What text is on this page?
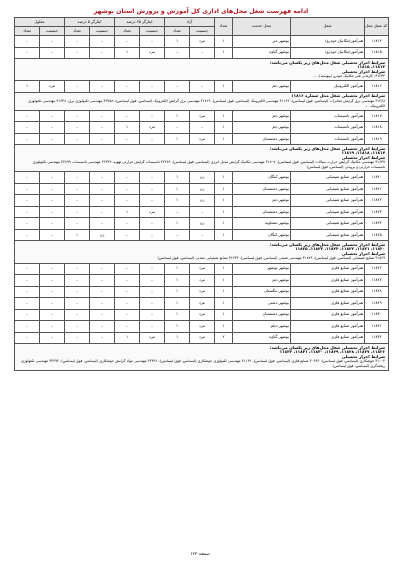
ادامه فهرست شغل محل‌های اداری کل آموزش و پرورش استان بوشهر
کد شغل محل	شغل	محل خدمت	تعداد	آزاد		ایثارگر ۲۵ درصد		ایثارگر ۵ درصد		معلول	
				جنسیت	تعداد	جنسیت	تعداد	جنسیت	تعداد	جنسیت	تعداد
۱۱۸۱۴	هنرآموز(مکانیک خودرو)	بوشهر-دیر	۱	مرد	۱	–	–	–	–	–	–
۱۱۸۱۵	هنرآموز(مکانیک خودرو)	بوشهر-گناوه	۱	–	–	مرد	۱	–	–	–	–

شرایط احراز تحصیلی شغل محل‌های زیر یکسان می‌باشد:
۱۱۸۱۴، ۱۱۸۱۵
شرایط احراز تحصیلی
۳۱۲۳۴- کاردانی فنی مکانیک خودرو (پیوسته)، ...											

۱۱۸۱۶	هنرآموز الکترونیک	بوشهر-جم	۱	–	–	–	–	–	–	مرد	۱

شرایط احراز تحصیلی شغل محل شماره ۱۱۸۱۶
۳۱۲۶۸ مهندسی برق گرایش مخابرات (لیسانس، فوق لیسانس)، ۳۱۱۶۹ مهندسی الکترونیک (لیسانس، فوق لیسانس)، ۳۱۷۱۲ مهندسی برق گرایش الکترونیک (لیسانس، فوق لیسانس)، ۳۲۲۵۸ مهندسی تکنولوژی برق، ۳۱۶۳۸ مهندسی تکنولوژی الکترونیک، ...											

۱۱۸۱۷	هنرآموز تاسیسات	بوشهر-جم	۱	مرد	۱	–	–	–	–	–	–
۱۱۸۱۸	هنرآموز تاسیسات	بوشهر-جم	۱	–	–	مرد	۱	–	–	–	–
۱۱۸۱۹	هنرآموز تاسیسات	بوشهر-دشتستان	۱	مرد	۱	–	–	–	–	–	–

شرایط احراز تحصیلی شغل محل‌های زیر یکسان می‌باشد:
۱۱۸۱۷، ۱۱۸۱۸، ۱۱۸۱۹
شرایط احراز تحصیلی
۳۱۶۳۷ مهندسی مکانیک گرایش حرارت سیالات (لیسانس، فوق لیسانس)، ۳۱۷۰۷ مهندسی مکانیک گرایش تبدیل انرژی (لیسانس، فوق لیسانس)، ۳۲۲۸۹ تاسیسات گرایش حرارتی تهویه، ۳۲۲۴۹ مهندسی تاسیسات، ۳۲۷۹۹ مهندسی تکنولوژی تاسیسات حرارتی و برودتی (لیسانس، فوق لیسانس)											

۱۱۸۲۰	هنرآموز صنایع شیمیایی	بوشهر-کنگان	۱	زن	۱	–	–	–	–	–	–
۱۱۸۲۱	هنرآموز صنایع شیمیایی	بوشهر-دشتستان	۱	زن	۱	–	–	–	–	–	–
۱۱۸۲۲	هنرآموز صنایع شیمیایی	بوشهر-جم	۱	زن	۱	–	–	–	–	–	–
۱۱۸۲۳	هنرآموز صنایع شیمیایی	بوشهر-دشتستان	۱	–	–	مرد	۱	–	–	–	–
۱۱۸۲۴	هنرآموز صنایع شیمیایی	بوشهر-عسلویه	۱	زن	۱	–	–	–	–	–	–
۱۱۸۲۵	هنرآموز صنایع شیمیایی	بوشهر-کنگان	۱	–	–	–	–	زن	۱	–	–

شرایط احراز تحصیلی شغل محل‌های زیر یکسان می‌باشد:
۱۱۸۲۰، ۱۱۸۲۱، ۱۱۸۲۲، ۱۱۸۲۳، ۱۱۸۲۴، ۱۱۸۲۵
شرایط احراز تحصیلی
۳۱۸۶۹ صنایع شیمیایی (لیسانس، فوق لیسانس)، ۳۱۸۷۹ مهندسی شیمی (لیسانس، فوق لیسانس)، ۳۶۶۳۳ صنایع شیمیایی معدنی (لیسانس، فوق لیسانس)											

۱۱۸۲۶	هنرآموز صنایع فلزی	بوشهر-بوشهر	۱	مرد	۱	–	–	–	–	–	–
۱۱۸۲۷	هنرآموز صنایع فلزی	بوشهر-جم	۱	مرد	۱	–	–	–	–	–	–
۱۱۸۲۸	هنرآموز صنایع فلزی	بوشهر-تنگستان	۱	مرد	۱	–	–	–	–	–	–
۱۱۸۲۹	هنرآموز صنایع فلزی	بوشهر-دشتی	۱	مرد	۱	–	–	–	–	–	–
۱۱۸۳۰	هنرآموز صنایع فلزی	بوشهر-دشتستان	۱	مرد	۱	–	–	–	–	–	–
۱۱۸۳۱	هنرآموز صنایع فلزی	بوشهر-دیلم	۱	مرد	۱	–	–	–	–	–	–
۱۱۸۳۲	هنرآموز صنایع فلزی	بوشهر-گناوه	۲	مرد	۱	مرد	۱	–	–	–	–

شرایط احراز تحصیلی شغل محل‌های زیر یکسان می‌باشد:
۱۱۸۲۶، ۱۱۸۲۷، ۱۱۸۲۸، ۱۱۸۲۹، ۱۱۸۳۰، ۱۱۸۳۱، ۱۱۸۳۲
شرایط احراز تحصیلی
۳۱۰۰۴ جوشکاری (لیسانس، فوق لیسانس)، ۳۰۶۹۴ صنایع فلزی (لیسانس، فوق لیسانس)، ۳۱۱۶۹ مهندسی تکنولوژی جوشکاری (لیسانس، فوق لیسانس)، ۳۲۳۹۱ مهندسی مواد گرایش جوشکاری (لیسانس، فوق لیسانس)، ۳۲۳۹۲ مهندسی تکنولوژی ریخته‌گری (لیسانس، فوق لیسانس)											
صفحه ۱۲۳
